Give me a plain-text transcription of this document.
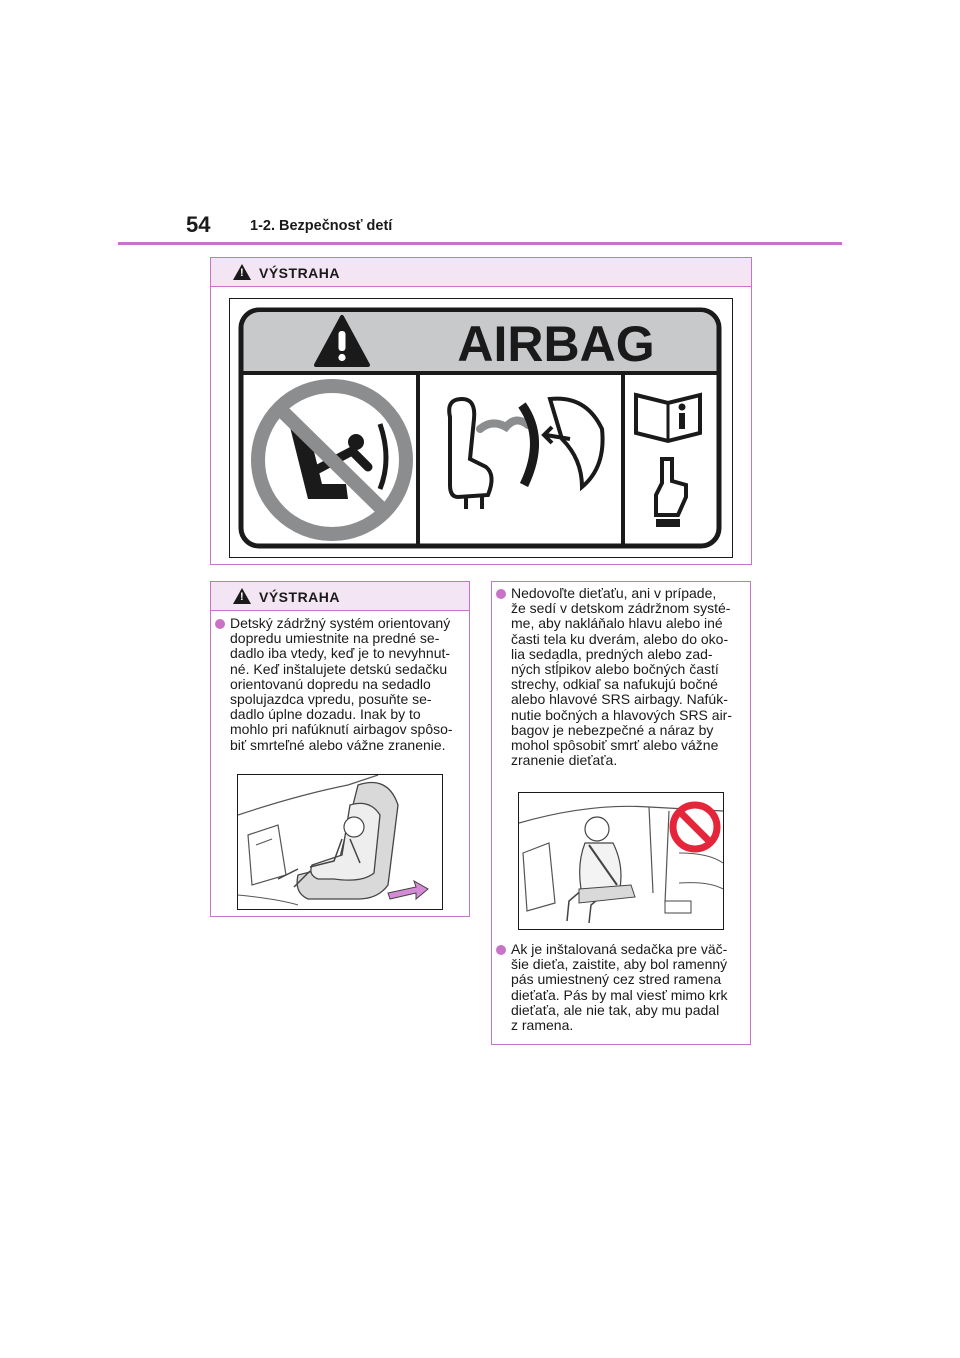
54	1-2. Bezpečnosť detí
! VÝSTRAHA
AIRBAG
! VÝSTRAHA
Detský zádržný systém orientovaný
dopredu umiestnite na predné se-
dadlo iba vtedy, keď je to nevyhnut-
né. Keď inštalujete detskú sedačku
orientovanú dopredu na sedadlo
spolujazdca vpredu, posuňte se-
dadlo úplne dozadu. Inak by to
mohlo pri nafúknutí airbagov spôso-
biť smrteľné alebo vážne zranenie.
Nedovoľte dieťaťu, ani v prípade,
že sedí v detskom zádržnom systé-
me, aby nakláňalo hlavu alebo iné
časti tela ku dverám, alebo do oko-
lia sedadla, predných alebo zad-
ných stĺpikov alebo bočných častí
strechy, odkiaľ sa nafukujú bočné
alebo hlavové SRS airbagy. Nafúk-
nutie bočných a hlavových SRS air-
bagov je nebezpečné a náraz by
mohol spôsobiť smrť alebo vážne
zranenie dieťaťa.
Ak je inštalovaná sedačka pre väč-
šie dieťa, zaistite, aby bol ramenný
pás umiestnený cez stred ramena
dieťaťa. Pás by mal viesť mimo krk
dieťaťa, ale nie tak, aby mu padal
z ramena.
